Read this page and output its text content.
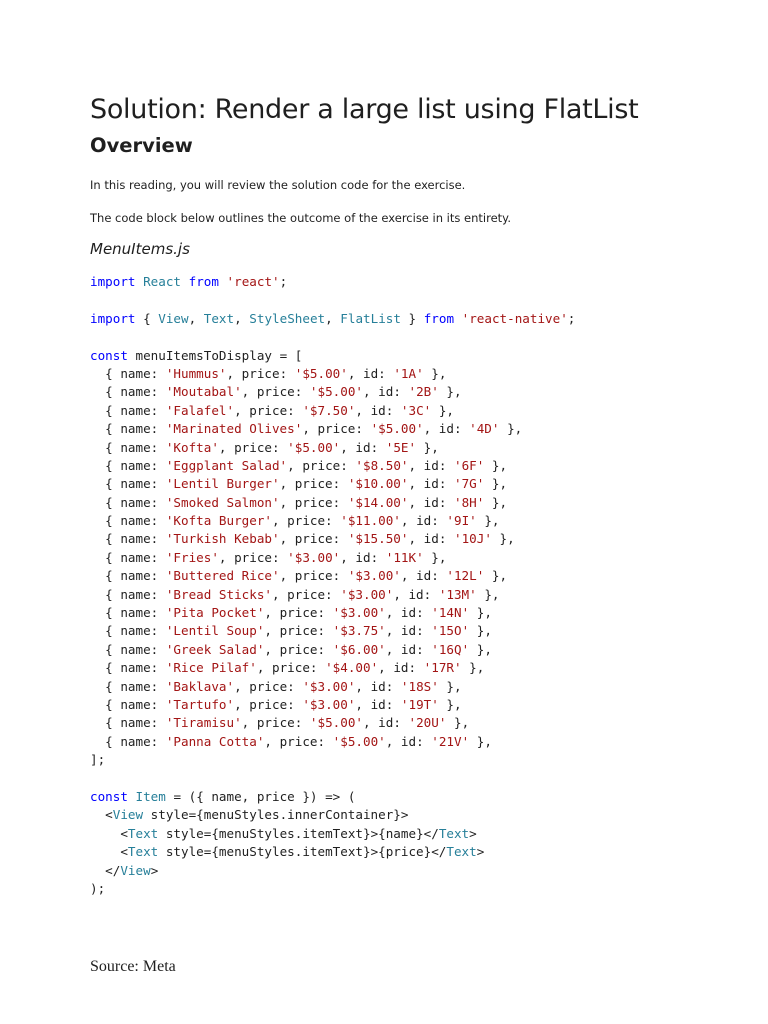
Solution: Render a large list using FlatList
Overview

In this reading, you will review the solution code for the exercise.

The code block below outlines the outcome of the exercise in its entirety.

MenuItems.js
import React from 'react';
import { View, Text, StyleSheet, FlatList } from 'react-native';
const menuItemsToDisplay = [
{ name: 'Hummus', price: '$5.00', id: '1A' },
{ name: 'Moutabal', price: '$5.00', id: '2B' },
{ name: 'Falafel', price: '$7.50', id: '3C' },
{ name: 'Marinated Olives', price: '$5.00', id: '4D' },
{ name: 'Kofta', price: '$5.00', id: '5E' },
{ name: 'Eggplant Salad', price: '$8.50', id: '6F' },
{ name: 'Lentil Burger', price: '$10.00', id: '7G' },
{ name: 'Smoked Salmon', price: '$14.00', id: '8H' },
{ name: 'Kofta Burger', price: '$11.00', id: '9I' },
{ name: 'Turkish Kebab', price: '$15.50', id: '10J' },
{ name: 'Fries', price: '$3.00', id: '11K' },
{ name: 'Buttered Rice', price: '$3.00', id: '12L' },
{ name: 'Bread Sticks', price: '$3.00', id: '13M' },
{ name: 'Pita Pocket', price: '$3.00', id: '14N' },
{ name: 'Lentil Soup', price: '$3.75', id: '15O' },
{ name: 'Greek Salad', price: '$6.00', id: '16Q' },
{ name: 'Rice Pilaf', price: '$4.00', id: '17R' },
{ name: 'Baklava', price: '$3.00', id: '18S' },
{ name: 'Tartufo', price: '$3.00', id: '19T' },
{ name: 'Tiramisu', price: '$5.00', id: '20U' },
{ name: 'Panna Cotta', price: '$5.00', id: '21V' },
];
const Item = ({ name, price }) => (
<View style={menuStyles.innerContainer}>
<Text style={menuStyles.itemText}>{name}</Text>
<Text style={menuStyles.itemText}>{price}</Text>
</View>
);
Source: Meta
